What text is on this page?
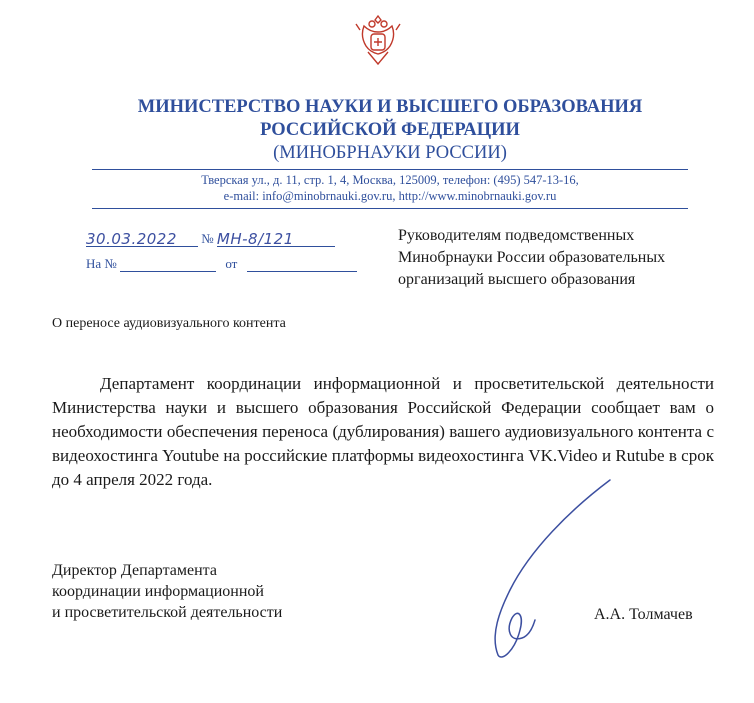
МИНИСТЕРСТВО НАУКИ И ВЫСШЕГО ОБРАЗОВАНИЯ
РОССИЙСКОЙ ФЕДЕРАЦИИ
(МИНОБРНАУКИ РОССИИ)
Тверская ул., д. 11, стр. 1, 4, Москва, 125009, телефон: (495) 547-13-16,
e-mail: info@minobrnauki.gov.ru, http://www.minobrnauki.gov.ru
30.03.2022 № МН-8/121
На №	от
Руководителям подведомственных
Минобрнауки России образовательных
организаций высшего образования
О переносе аудиовизуального контента
Департамент координации информационной и просветительской деятельности Министерства науки и высшего образования Российской Федерации сообщает вам о необходимости обеспечения переноса (дублирования) вашего аудиовизуального контента с видеохостинга Youtube на российские платформы видеохостинга VK.Video и Rutube в срок до 4 апреля 2022 года.
Директор Департамента
координации информационной
и просветительской деятельности	А.А. Толмачев
